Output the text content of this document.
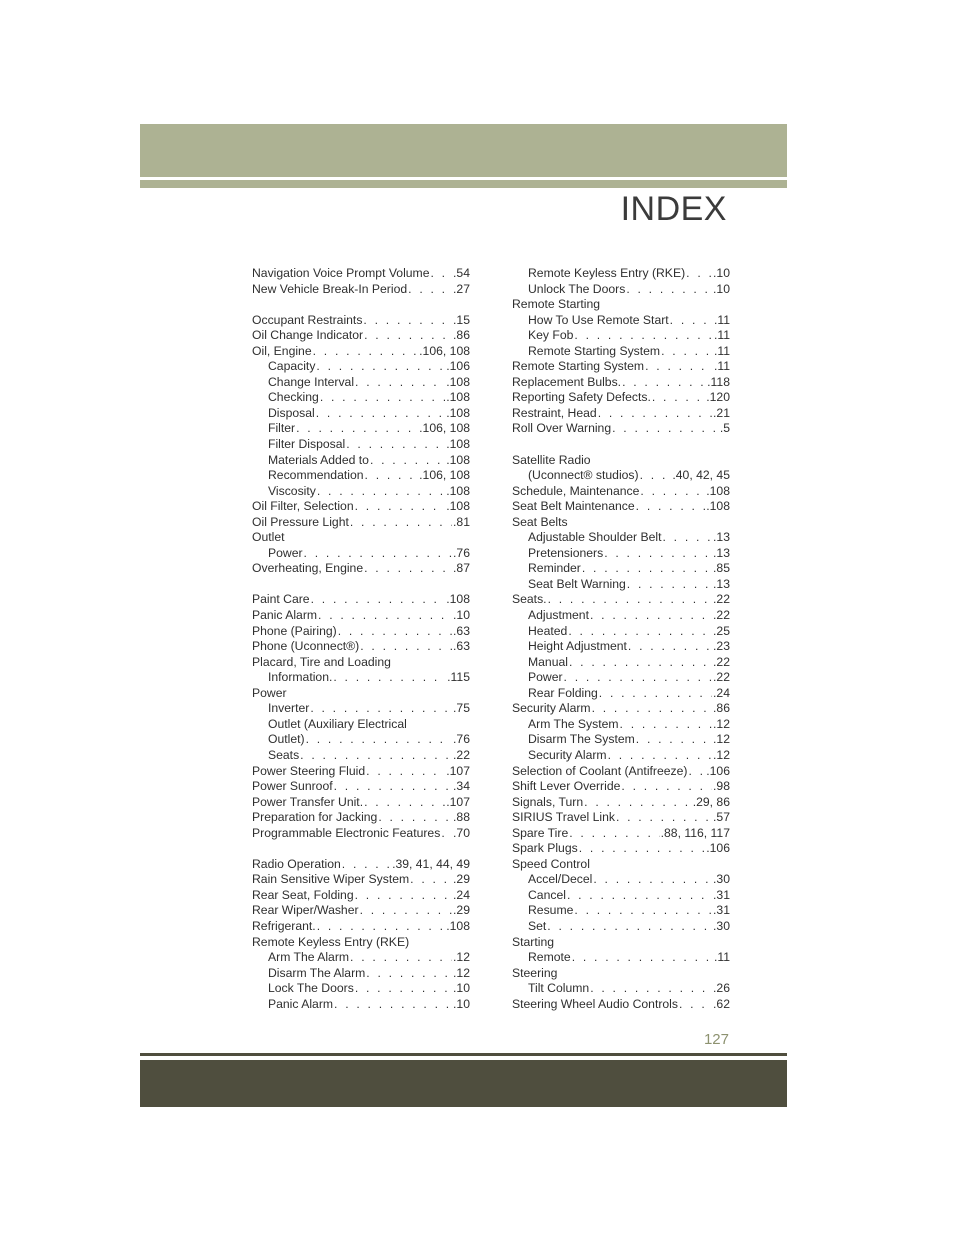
INDEX
Navigation Voice Prompt Volume . . . .54
New Vehicle Break-In Period . . .	.27
Occupant Restraints . . .	.15
Oil Change Indicator . . .	.86
Oil, Engine . . .	.106, 108
Capacity . . .	.106
Change Interval . . .	.108
Checking . . .	.108
Disposal . . .	.108
Filter . . .	.106, 108
Filter Disposal . . .	.108
Materials Added to . . .	.108
Recommendation . . .	.106, 108
Viscosity . . .	.108
Oil Filter, Selection . . .	.108
Oil Pressure Light . . .	.81
Outlet
Power . . .	.76
Overheating, Engine . . .	.87
Paint Care . . .	.108
Panic Alarm . . .	.10
Phone (Pairing) . . .	.63
Phone (Uconnect®) . . .	.63
Placard, Tire and Loading
Information. . . .	.115
Power
Inverter . . .	.75
Outlet (Auxiliary Electrical
Outlet) . . .	.76
Seats . . .	.22
Power Steering Fluid . . .	.107
Power Sunroof . . .	.34
Power Transfer Unit. . . .	.107
Preparation for Jacking . . .	.88
Programmable Electronic Features . . . .70
Radio Operation . . .	.39, 41, 44, 49
Rain Sensitive Wiper System . . .	.29
Rear Seat, Folding . . .	.24
Rear Wiper/Washer . . .	.29
Refrigerant. . . .	.108
Remote Keyless Entry (RKE)
Arm The Alarm . . .	.12
Disarm The Alarm . . .	.12
Lock The Doors . . .	.10
Panic Alarm . . .	.10
Remote Keyless Entry (RKE) . . . .10
Unlock The Doors . . .	.10
Remote Starting
How To Use Remote Start . . .	.11
Key Fob . . .	.11
Remote Starting System . . .	.11
Remote Starting System . . .	.11
Replacement Bulbs. . . .	.118
Reporting Safety Defects. . . .	.120
Restraint, Head . . .	.21
Roll Over Warning . . .	.5
Satellite Radio
(Uconnect® studios) . . .	.40, 42, 45
Schedule, Maintenance . . .	.108
Seat Belt Maintenance . . .	.108
Seat Belts
Adjustable Shoulder Belt . . .	.13
Pretensioners . . .	.13
Reminder . . .	.85
Seat Belt Warning . . .	.13
Seats. . . .	.22
Adjustment . . .	.22
Heated . . .	.25
Height Adjustment . . .	.23
Manual . . .	.22
Power . . .	.22
Rear Folding . . .	.24
Security Alarm . . .	.86
Arm The System . . .	.12
Disarm The System . . .	.12
Security Alarm . . .	.12
Selection of Coolant (Antifreeze) . . . .106
Shift Lever Override . . .	.98
Signals, Turn . . .	.29, 86
SIRIUS Travel Link . . .	.57
Spare Tire . . .	.88, 116, 117
Spark Plugs . . .	.106
Speed Control
Accel/Decel . . .	.30
Cancel . . .	.31
Resume . . .	.31
Set . . .	.30
Starting
Remote . . .	.11
Steering
Tilt Column . . .	.26
Steering Wheel Audio Controls . . .	.62
127
